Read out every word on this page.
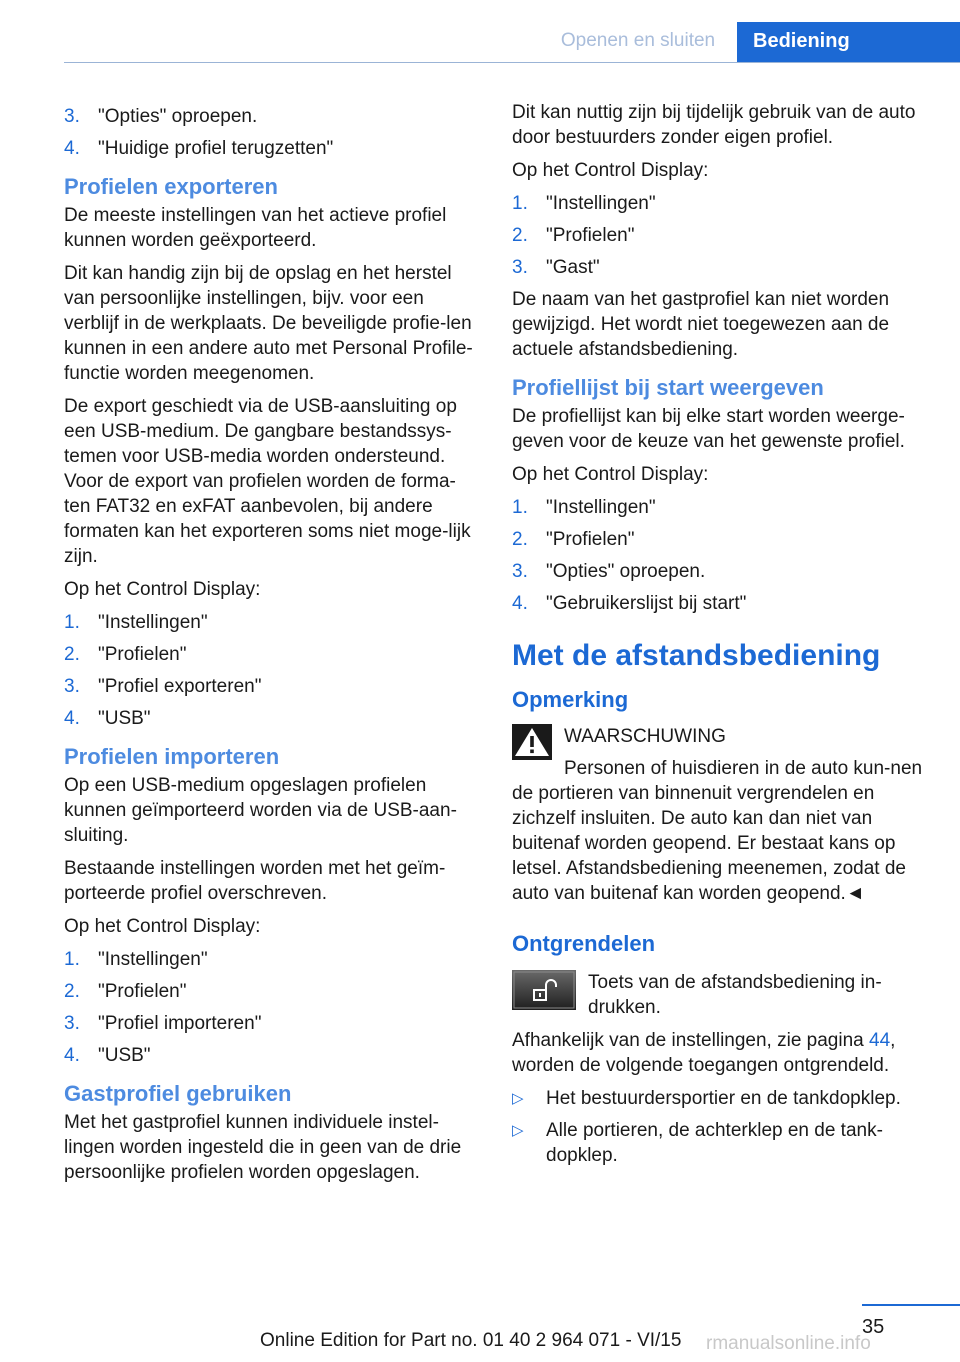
Openen en sluiten	Bediening
3. "Opties" oproepen.
4. "Huidige profiel terugzetten"
Profielen exporteren

De meeste instellingen van het actieve profiel kunnen worden geëxporteerd.

Dit kan handig zijn bij de opslag en het herstel van persoonlijke instellingen, bijv. voor een verblijf in de werkplaats. De beveiligde profie-len kunnen in een andere auto met Personal Profile-functie worden meegenomen.

De export geschiedt via de USB-aansluiting op een USB-medium. De gangbare bestandssys-temen voor USB-media worden ondersteund. Voor de export van profielen worden de forma-ten FAT32 en exFAT aanbevolen, bij andere formaten kan het exporteren soms niet moge-lijk zijn.

Op het Control Display:

1. "Instellingen"
2. "Profielen"
3. "Profiel exporteren"
4. "USB"
Profielen importeren

Op een USB-medium opgeslagen profielen kunnen geïmporteerd worden via de USB-aan-sluiting.

Bestaande instellingen worden met het geïm-porteerde profiel overschreven.

Op het Control Display:

1. "Instellingen"
2. "Profielen"
3. "Profiel importeren"
4. "USB"
Gastprofiel gebruiken

Met het gastprofiel kunnen individuele instel-lingen worden ingesteld die in geen van de drie persoonlijke profielen worden opgeslagen.

Dit kan nuttig zijn bij tijdelijk gebruik van de auto door bestuurders zonder eigen profiel.

Op het Control Display:

1. "Instellingen"
2. "Profielen"
3. "Gast"

De naam van het gastprofiel kan niet worden gewijzigd. Het wordt niet toegewezen aan de actuele afstandsbediening.

Profiellijst bij start weergeven

De profiellijst kan bij elke start worden weerge-geven voor de keuze van het gewenste profiel.

Op het Control Display:

1. "Instellingen"
2. "Profielen"
3. "Opties" oproepen.
4. "Gebruikerslijst bij start"
Met de afstandsbediening
Opmerking
WAARSCHUWING
Personen of huisdieren in de auto kun-nen de portieren van binnenuit vergrendelen en zichzelf insluiten. De auto kan dan niet van buitenaf worden geopend. Er bestaat kans op letsel. Afstandsbediening meenemen, zodat de auto van buitenaf kan worden geopend.◄
Ontgrendelen
Toets van de afstandsbediening in-drukken.

Afhankelijk van de instellingen, zie pagina 44, worden de volgende toegangen ontgrendeld.

▷ Het bestuurdersportier en de tankdopklep.
▷ Alle portieren, de achterklep en de tank-dopklep.
35
Online Edition for Part no. 01 40 2 964 071 - VI/15 rmanualsonline.info
